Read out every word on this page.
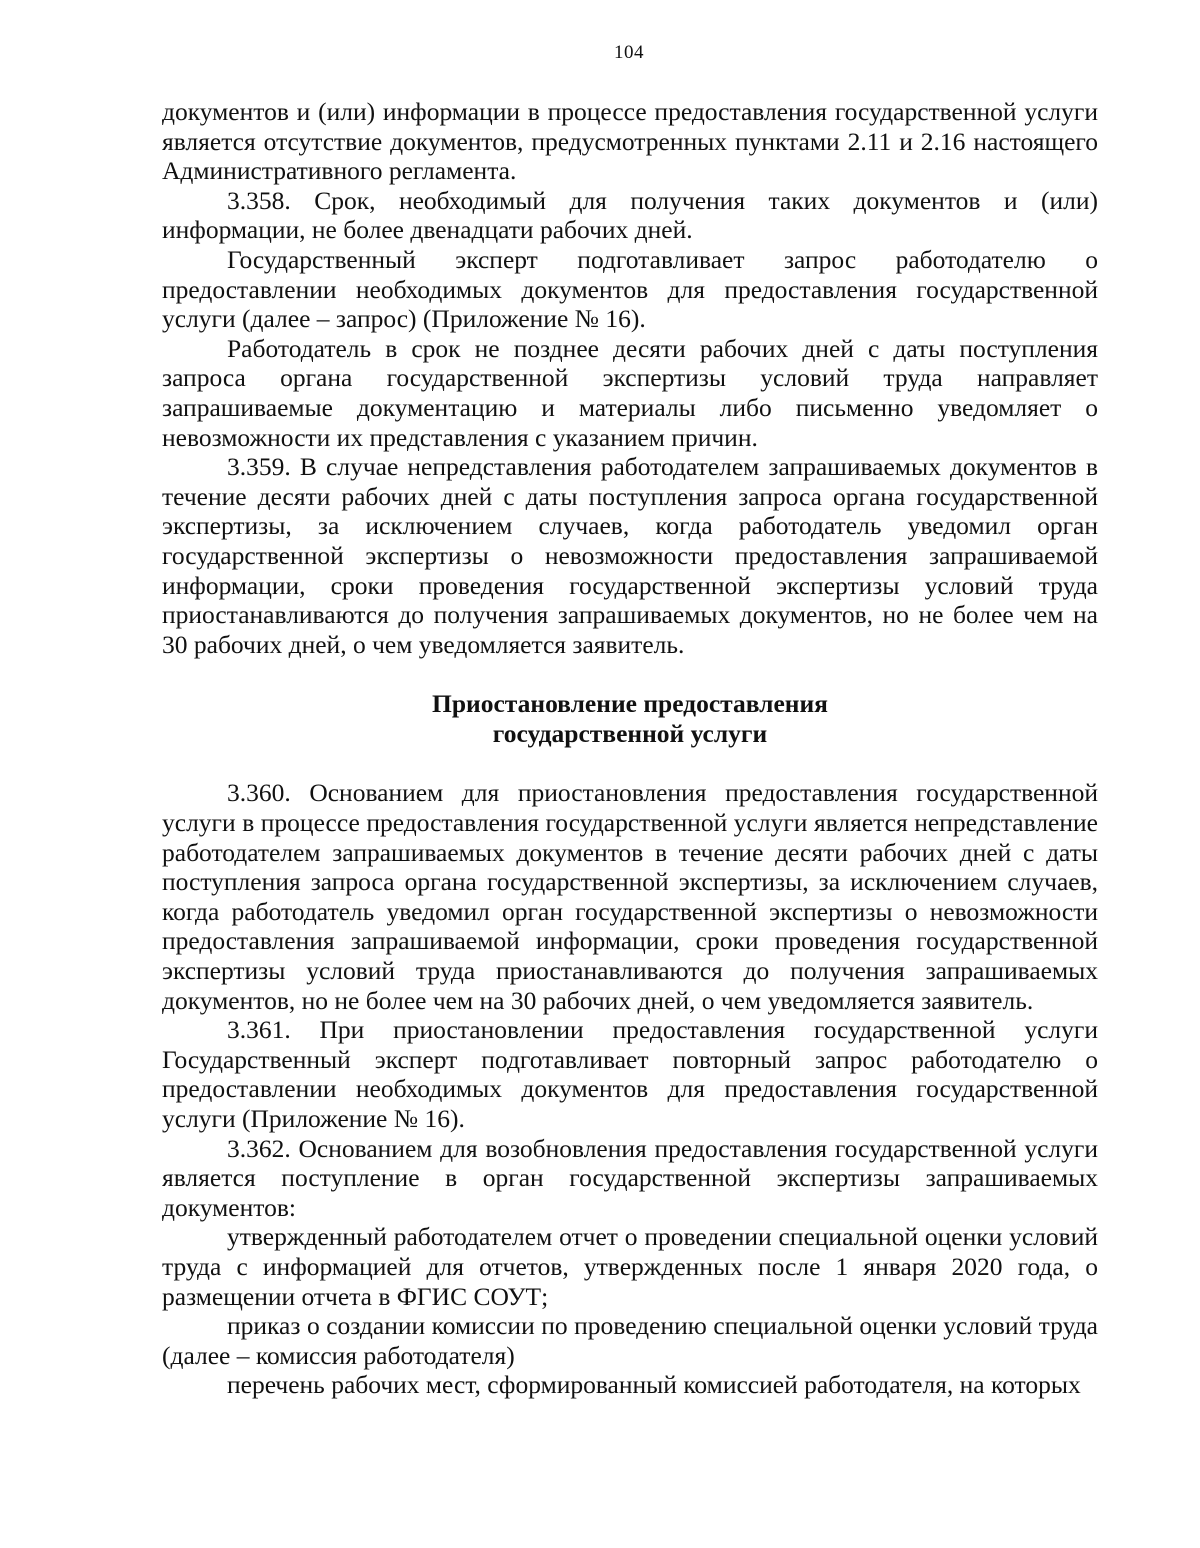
104

документов и (или) информации в процессе предоставления государственной услуги является отсутствие документов, предусмотренных пунктами 2.11 и 2.16 настоящего Административного регламента.

3.358. Срок, необходимый для получения таких документов и (или) информации, не более двенадцати рабочих дней.

Государственный эксперт подготавливает запрос работодателю о предоставлении необходимых документов для предоставления государственной услуги (далее – запрос) (Приложение № 16).

Работодатель в срок не позднее десяти рабочих дней с даты поступления запроса органа государственной экспертизы условий труда направляет запрашиваемые документацию и материалы либо письменно уведомляет о невозможности их представления с указанием причин.

3.359. В случае непредставления работодателем запрашиваемых документов в течение десяти рабочих дней с даты поступления запроса органа государственной экспертизы, за исключением случаев, когда работодатель уведомил орган государственной экспертизы о невозможности предоставления запрашиваемой информации, сроки проведения государственной экспертизы условий труда приостанавливаются до получения запрашиваемых документов, но не более чем на 30 рабочих дней, о чем уведомляется заявитель.

Приостановление предоставления
государственной услуги

3.360. Основанием для приостановления предоставления государственной услуги в процессе предоставления государственной услуги является непредставление работодателем запрашиваемых документов в течение десяти рабочих дней с даты поступления запроса органа государственной экспертизы, за исключением случаев, когда работодатель уведомил орган государственной экспертизы о невозможности предоставления запрашиваемой информации, сроки проведения государственной экспертизы условий труда приостанавливаются до получения запрашиваемых документов, но не более чем на 30 рабочих дней, о чем уведомляется заявитель.

3.361. При приостановлении предоставления государственной услуги Государственный эксперт подготавливает повторный запрос работодателю о предоставлении необходимых документов для предоставления государственной услуги (Приложение № 16).

3.362. Основанием для возобновления предоставления государственной услуги является поступление в орган государственной экспертизы запрашиваемых документов:

утвержденный работодателем отчет о проведении специальной оценки условий труда с информацией для отчетов, утвержденных после 1 января 2020 года, о размещении отчета в ФГИС СОУТ;

приказ о создании комиссии по проведению специальной оценки условий труда (далее – комиссия работодателя)

перечень рабочих мест, сформированный комиссией работодателя, на которых
